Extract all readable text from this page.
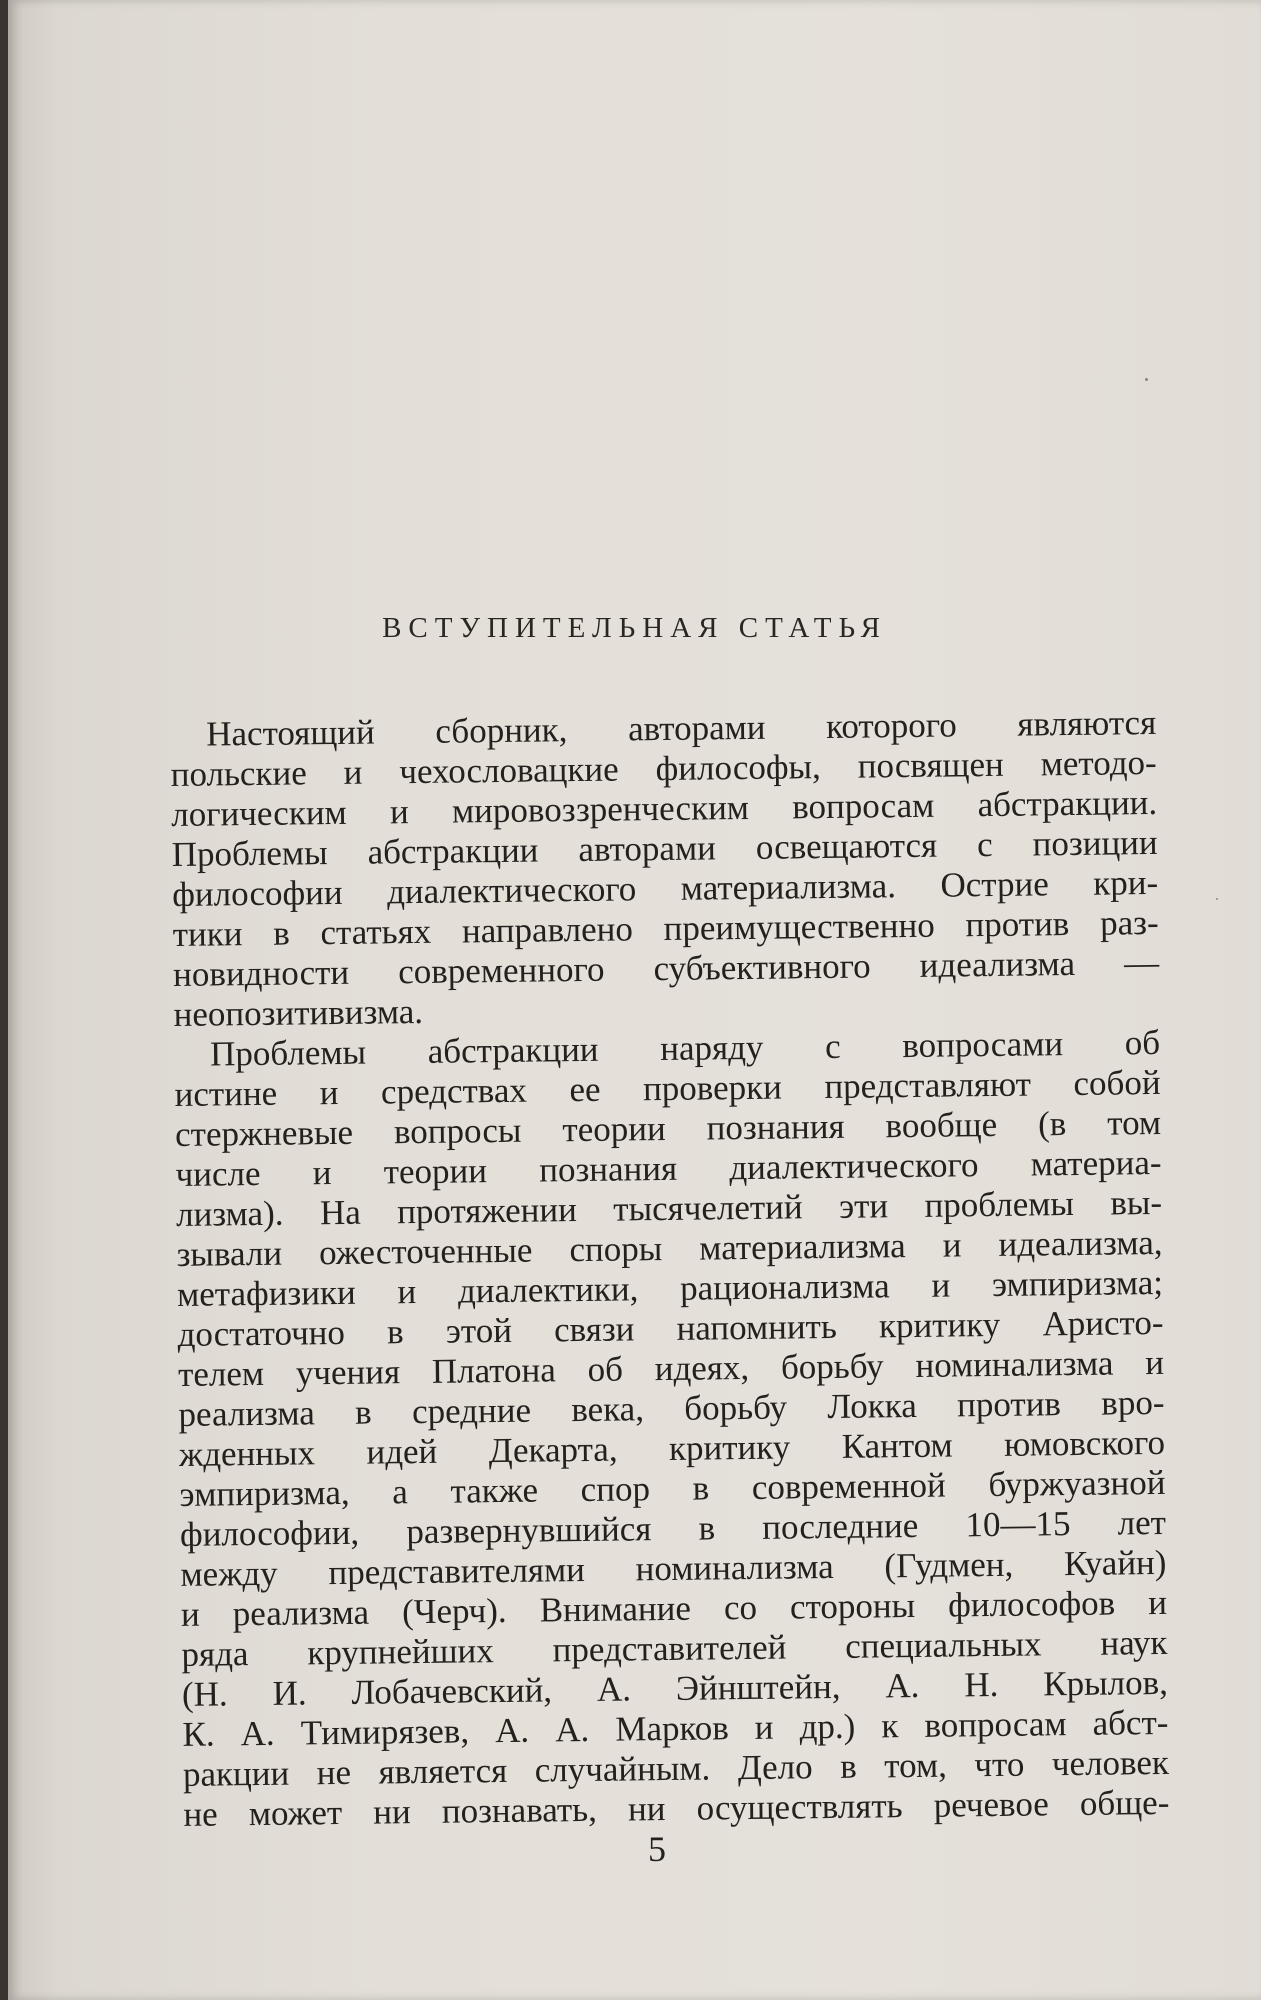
ВСТУПИТЕЛЬНАЯ СТАТЬЯ
Настоящий сборник, авторами которого являются
польские и чехословацкие философы, посвящен методо-
логическим и мировоззренческим вопросам абстракции.
Проблемы абстракции авторами освещаются с позиции
философии диалектического материализма. Острие кри-
тики в статьях направлено преимущественно против раз-
новидности современного субъективного идеализма —
неопозитивизма.
Проблемы абстракции наряду с вопросами об
истине и средствах ее проверки представляют собой
стержневые вопросы теории познания вообще (в том
числе и теории познания диалектического материа-
лизма). На протяжении тысячелетий эти проблемы вы-
зывали ожесточенные споры материализма и идеализма,
метафизики и диалектики, рационализма и эмпиризма;
достаточно в этой связи напомнить критику Аристо-
телем учения Платона об идеях, борьбу номинализма и
реализма в средние века, борьбу Локка против вро-
жденных идей Декарта, критику Кантом юмовского
эмпиризма, а также спор в современной буржуазной
философии, развернувшийся в последние 10—15 лет
между представителями номинализма (Гудмен, Куайн)
и реализма (Черч). Внимание со стороны философов и
ряда крупнейших представителей специальных наук
(Н. И. Лобачевский, А. Эйнштейн, А. Н. Крылов,
К. А. Тимирязев, А. А. Марков и др.) к вопросам абст-
ракции не является случайным. Дело в том, что человек
не может ни познавать, ни осуществлять речевое обще-
5
